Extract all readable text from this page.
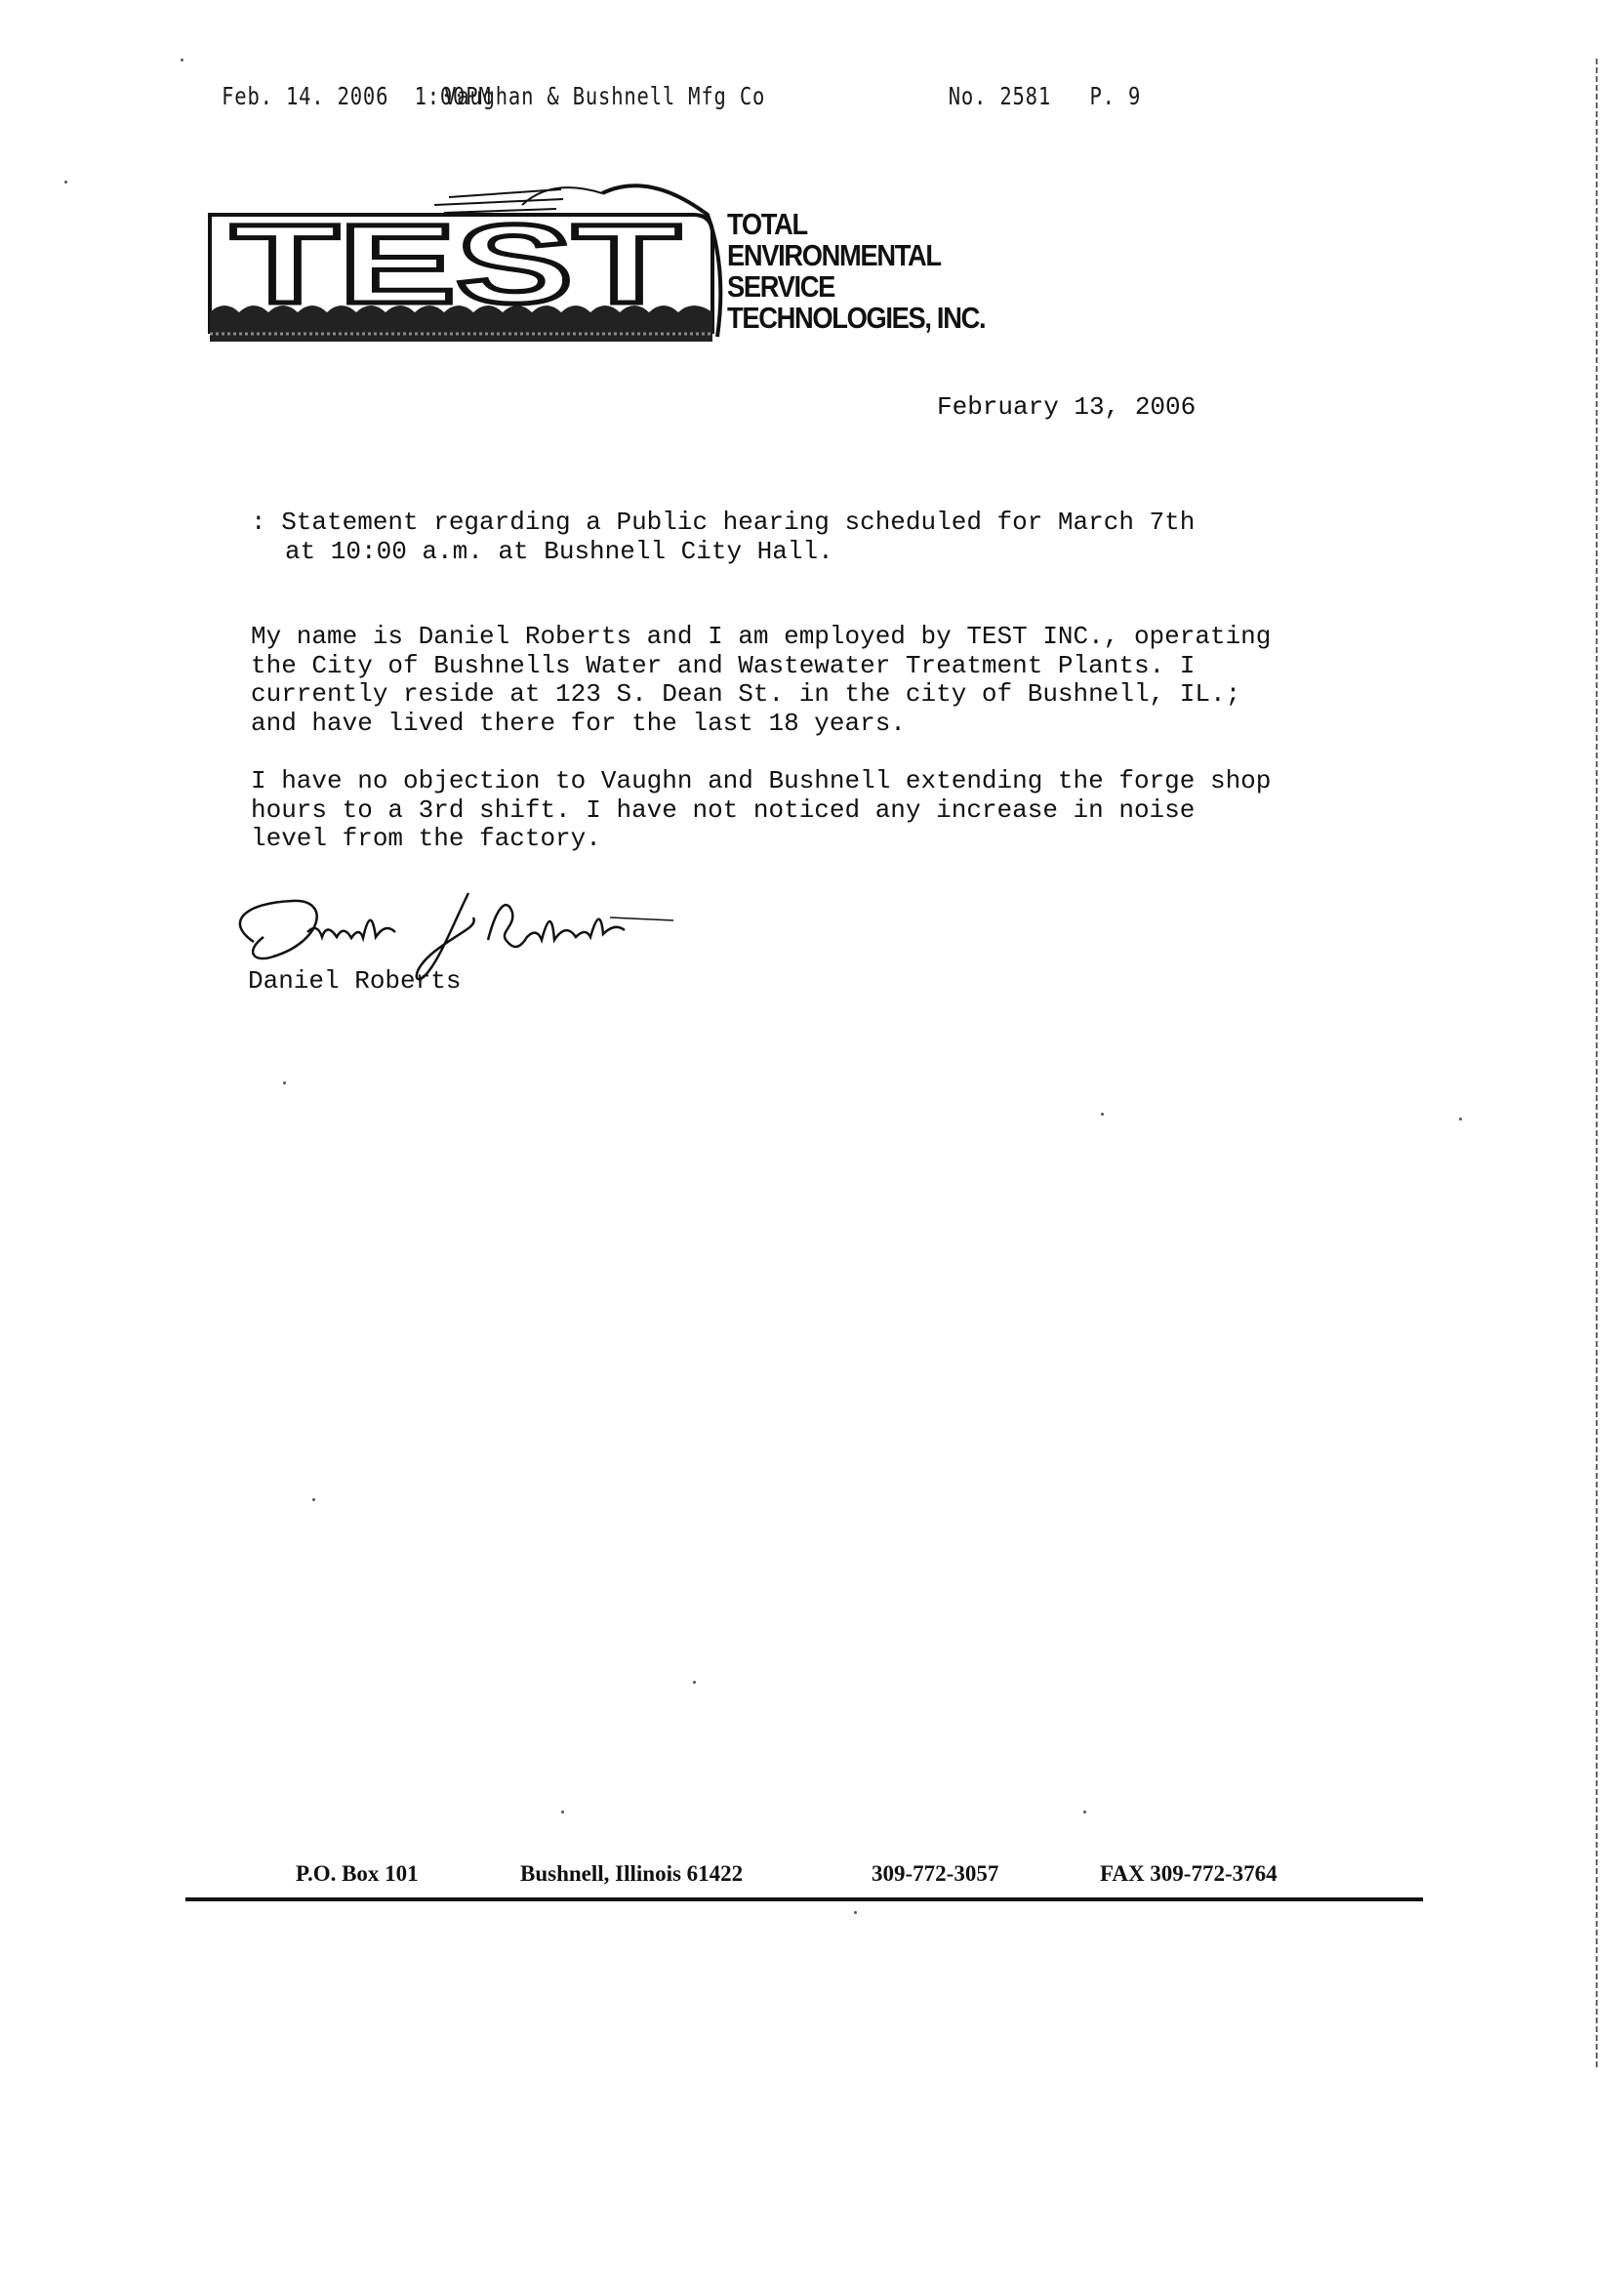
Feb. 14. 2006  1:00PM
Vaughan & Bushnell Mfg Co	No. 2581   P. 9
TEST TOTAL
ENVIRONMENTAL
SERVICE
TECHNOLOGIES, INC.
February 13, 2006
: Statement regarding a Public hearing scheduled for March 7th
at 10:00 a.m. at Bushnell City Hall.
My name is Daniel Roberts and I am employed by TEST INC., operating
the City of Bushnells Water and Wastewater Treatment Plants. I
currently reside at 123 S. Dean St. in the city of Bushnell, IL.;
and have lived there for the last 18 years.
I have no objection to Vaughn and Bushnell extending the forge shop
hours to a 3rd shift. I have not noticed any increase in noise
level from the factory.
Daniel Roberts
P.O. Box 101	Bushnell, Illinois 61422	309-772-3057	FAX 309-772-3764
